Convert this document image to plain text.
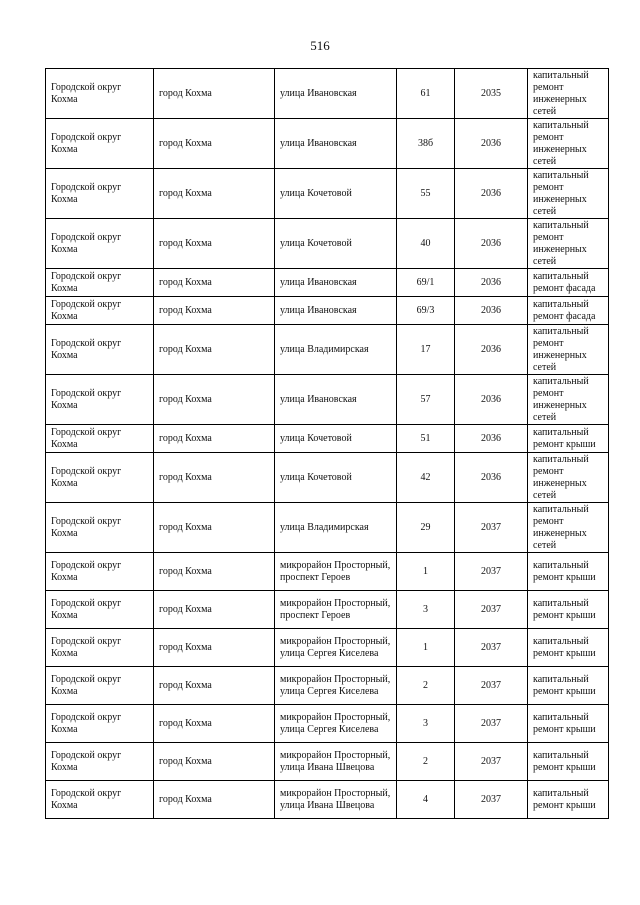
516
Городской округ Кохма	город Кохма	улица Ивановская	61	2035	капитальный ремонт инженерных сетей
Городской округ Кохма	город Кохма	улица Ивановская	38б	2036	капитальный ремонт инженерных сетей
Городской округ Кохма	город Кохма	улица Кочетовой	55	2036	капитальный ремонт инженерных сетей
Городской округ Кохма	город Кохма	улица Кочетовой	40	2036	капитальный ремонт инженерных сетей
Городской округ Кохма	город Кохма	улица Ивановская	69/1	2036	капитальный ремонт фасада
Городской округ Кохма	город Кохма	улица Ивановская	69/3	2036	капитальный ремонт фасада
Городской округ Кохма	город Кохма	улица Владимирская	17	2036	капитальный ремонт инженерных сетей
Городской округ Кохма	город Кохма	улица Ивановская	57	2036	капитальный ремонт инженерных сетей
Городской округ Кохма	город Кохма	улица Кочетовой	51	2036	капитальный ремонт крыши
Городской округ Кохма	город Кохма	улица Кочетовой	42	2036	капитальный ремонт инженерных сетей
Городской округ Кохма	город Кохма	улица Владимирская	29	2037	капитальный ремонт инженерных сетей
Городской округ Кохма	город Кохма	микрорайон Просторный, проспект Героев	1	2037	капитальный ремонт крыши
Городской округ Кохма	город Кохма	микрорайон Просторный, проспект Героев	3	2037	капитальный ремонт крыши
Городской округ Кохма	город Кохма	микрорайон Просторный, улица Сергея Киселева	1	2037	капитальный ремонт крыши
Городской округ Кохма	город Кохма	микрорайон Просторный, улица Сергея Киселева	2	2037	капитальный ремонт крыши
Городской округ Кохма	город Кохма	микрорайон Просторный, улица Сергея Киселева	3	2037	капитальный ремонт крыши
Городской округ Кохма	город Кохма	микрорайон Просторный, улица Ивана Швецова	2	2037	капитальный ремонт крыши
Городской округ Кохма	город Кохма	микрорайон Просторный, улица Ивана Швецова	4	2037	капитальный ремонт крыши
